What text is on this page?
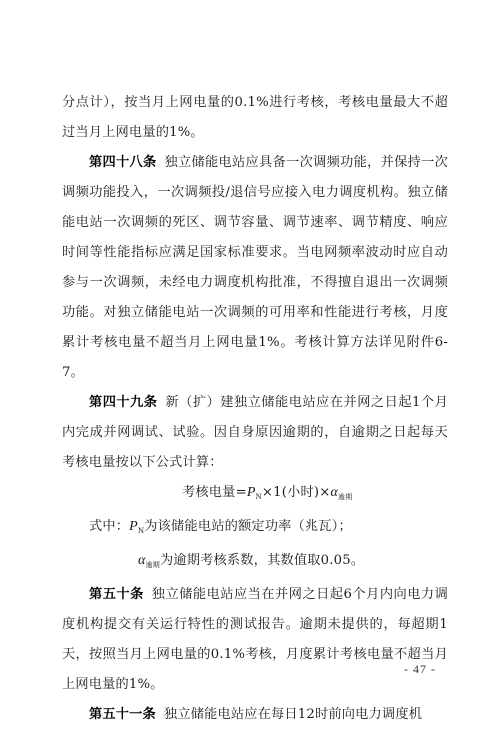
分点计），按当月上网电量的0.1%进行考核，考核电量最大不超过当月上网电量的1%。

第四十八条 独立储能电站应具备一次调频功能，并保持一次调频功能投入，一次调频投/退信号应接入电力调度机构。独立储能电站一次调频的死区、调节容量、调节速率、调节精度、响应时间等性能指标应满足国家标准要求。当电网频率波动时应自动参与一次调频，未经电力调度机构批准，不得擅自退出一次调频功能。对独立储能电站一次调频的可用率和性能进行考核，月度累计考核电量不超当月上网电量1%。考核计算方法详见附件6-7。

第四十九条 新（扩）建独立储能电站应在并网之日起1个月内完成并网调试、试验。因自身原因逾期的，自逾期之日起每天考核电量按以下公式计算：

考核电量$=P_N\times 1$(小时)$\times\alpha_{逾期}$

式中：$P_N$为该储能电站的额定功率（兆瓦）；

$\alpha_{逾期}$为逾期考核系数，其数值取0.05。

第五十条 独立储能电站应当在并网之日起6个月内向电力调度机构提交有关运行特性的测试报告。逾期未提供的，每超期1天，按照当月上网电量的0.1%考核，月度累计考核电量不超当月上网电量的1%。

第五十一条 独立储能电站应在每日12时前向电力调度机

- 47 -
